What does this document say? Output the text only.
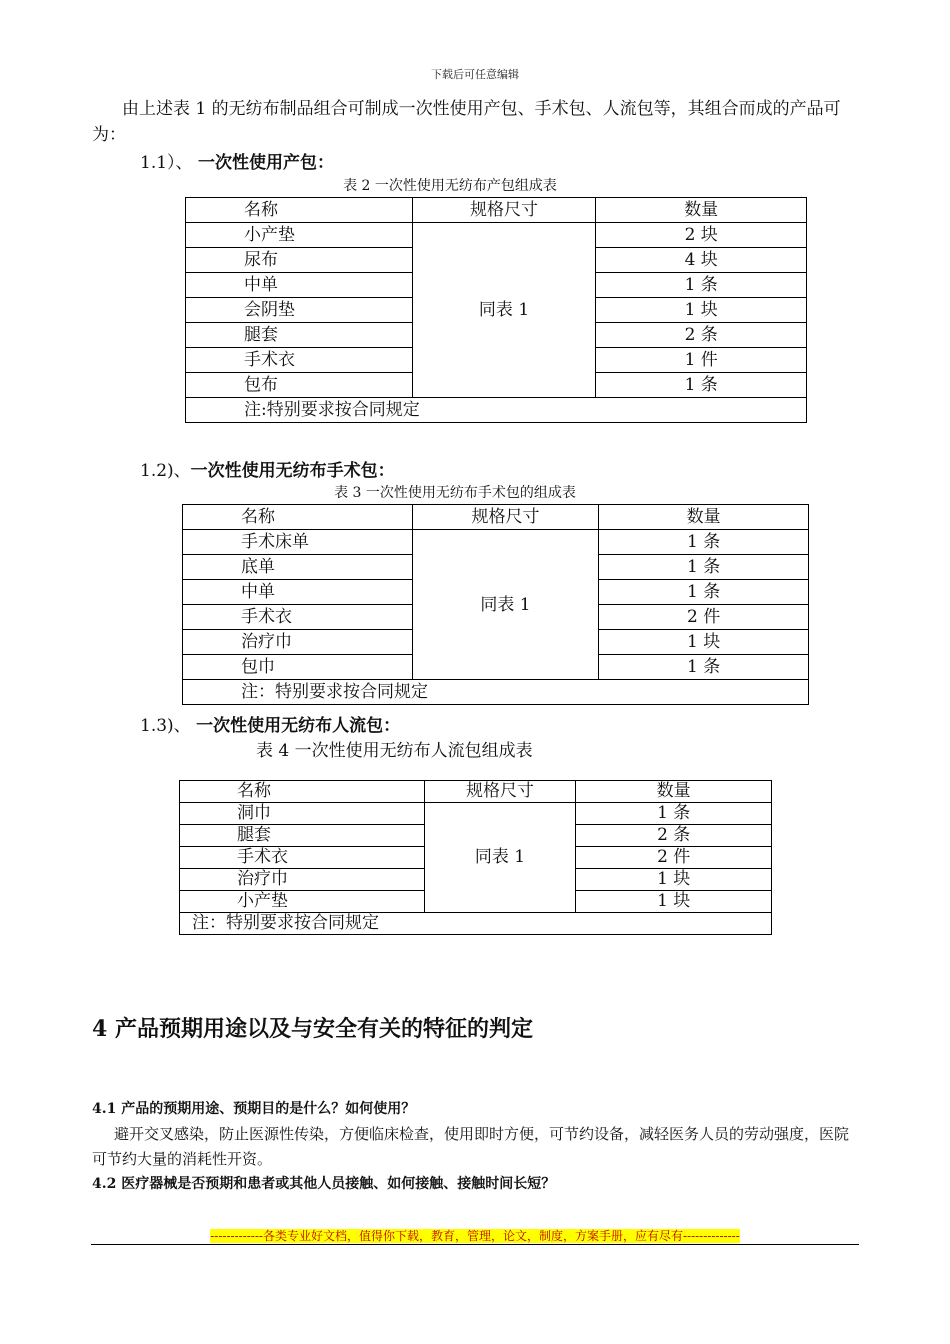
下载后可任意编辑
由上述表 1 的无纺布制品组合可制成一次性使用产包、手术包、人流包等，其组合而成的产品可为：
1.1）、 一次性使用产包：
表 2 一次性使用无纺布产包组成表
名称	规格尺寸	数量
小产垫	同表 1	2 块
尿布		4 块
中单		1 条
会阴垫		1 块
腿套		2 条
手术衣		1 件
包布		1 条
注:特别要求按合同规定		
1.2)、一次性使用无纺布手术包：
表 3 一次性使用无纺布手术包的组成表
名称	规格尺寸	数量
手术床单	同表 1	1 条
底单		1 条
中单		1 条
手术衣		2 件
治疗巾		1 块
包巾		1 条
注：特别要求按合同规定		
1.3)、 一次性使用无纺布人流包：
表 4 一次性使用无纺布人流包组成表
名称	规格尺寸	数量
洞巾	同表 1	1 条
腿套		2 条
手术衣		2 件
治疗巾		1 块
小产垫		1 块
注：特别要求按合同规定		
4 产品预期用途以及与安全有关的特征的判定
4.1 产品的预期用途、预期目的是什么？如何使用？
避开交叉感染，防止医源性传染，方便临床检查，使用即时方便，可节约设备，减轻医务人员的劳动强度，医院可节约大量的消耗性开资。
4.2 医疗器械是否预期和患者或其他人员接触、如何接触、接触时间长短？
-------------各类专业好文档，值得你下载，教育，管理，论文，制度，方案手册，应有尽有--------------
